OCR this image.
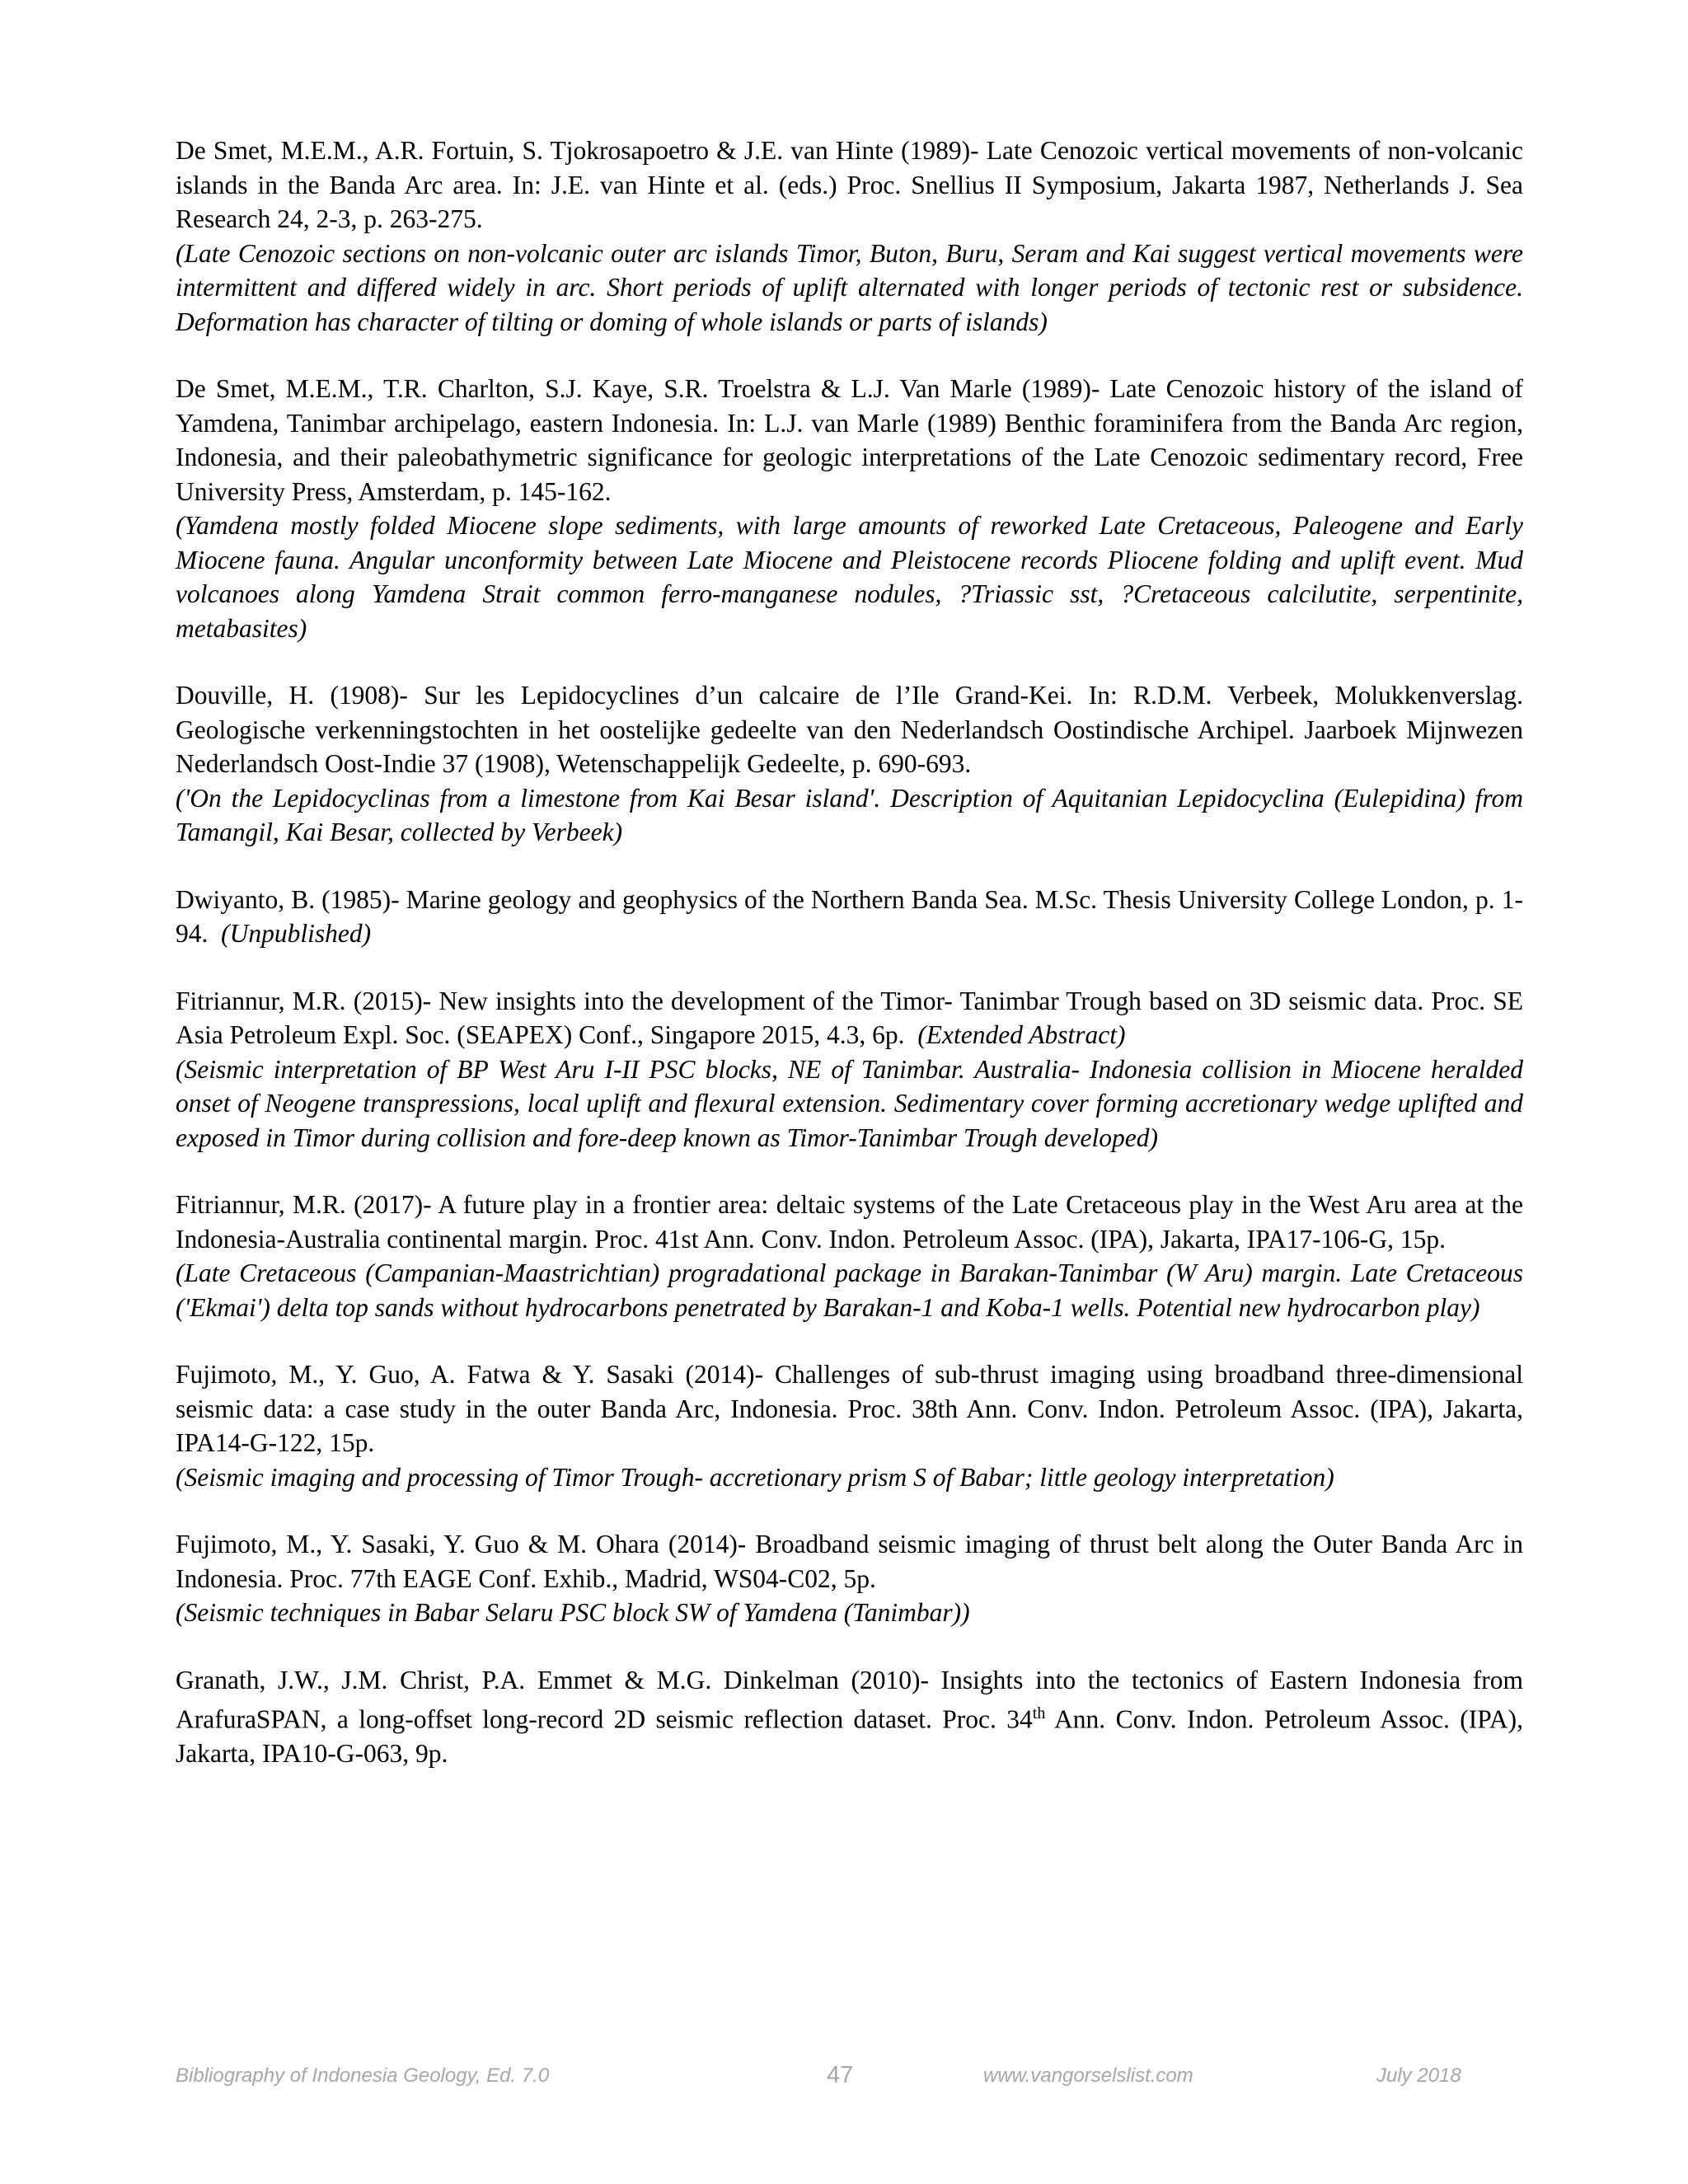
De Smet, M.E.M., A.R. Fortuin, S. Tjokrosapoetro & J.E. van Hinte (1989)- Late Cenozoic vertical movements of non-volcanic islands in the Banda Arc area. In: J.E. van Hinte et al. (eds.) Proc. Snellius II Symposium, Jakarta 1987, Netherlands J. Sea Research 24, 2-3, p. 263-275.

(Late Cenozoic sections on non-volcanic outer arc islands Timor, Buton, Buru, Seram and Kai suggest vertical movements were intermittent and differed widely in arc. Short periods of uplift alternated with longer periods of tectonic rest or subsidence. Deformation has character of tilting or doming of whole islands or parts of islands)

De Smet, M.E.M., T.R. Charlton, S.J. Kaye, S.R. Troelstra & L.J. Van Marle (1989)- Late Cenozoic history of the island of Yamdena, Tanimbar archipelago, eastern Indonesia. In: L.J. van Marle (1989) Benthic foraminifera from the Banda Arc region, Indonesia, and their paleobathymetric significance for geologic interpretations of the Late Cenozoic sedimentary record, Free University Press, Amsterdam, p. 145-162.

(Yamdena mostly folded Miocene slope sediments, with large amounts of reworked Late Cretaceous, Paleogene and Early Miocene fauna. Angular unconformity between Late Miocene and Pleistocene records Pliocene folding and uplift event. Mud volcanoes along Yamdena Strait common ferro-manganese nodules, ?Triassic sst, ?Cretaceous calcilutite, serpentinite, metabasites)

Douville, H. (1908)- Sur les Lepidocyclines d’un calcaire de l’Ile Grand-Kei. In: R.D.M. Verbeek, Molukkenverslag. Geologische verkenningstochten in het oostelijke gedeelte van den Nederlandsch Oostindische Archipel. Jaarboek Mijnwezen Nederlandsch Oost-Indie 37 (1908), Wetenschappelijk Gedeelte, p. 690-693.

('On the Lepidocyclinas from a limestone from Kai Besar island'. Description of Aquitanian Lepidocyclina (Eulepidina) from Tamangil, Kai Besar, collected by Verbeek)

Dwiyanto, B. (1985)- Marine geology and geophysics of the Northern Banda Sea. M.Sc. Thesis University College London, p. 1-94. (Unpublished)

Fitriannur, M.R. (2015)- New insights into the development of the Timor- Tanimbar Trough based on 3D seismic data. Proc. SE Asia Petroleum Expl. Soc. (SEAPEX) Conf., Singapore 2015, 4.3, 6p. (Extended Abstract)

(Seismic interpretation of BP West Aru I-II PSC blocks, NE of Tanimbar. Australia- Indonesia collision in Miocene heralded onset of Neogene transpressions, local uplift and flexural extension. Sedimentary cover forming accretionary wedge uplifted and exposed in Timor during collision and fore-deep known as Timor-Tanimbar Trough developed)

Fitriannur, M.R. (2017)- A future play in a frontier area: deltaic systems of the Late Cretaceous play in the West Aru area at the Indonesia-Australia continental margin. Proc. 41st Ann. Conv. Indon. Petroleum Assoc. (IPA), Jakarta, IPA17-106-G, 15p.

(Late Cretaceous (Campanian-Maastrichtian) progradational package in Barakan-Tanimbar (W Aru) margin. Late Cretaceous ('Ekmai') delta top sands without hydrocarbons penetrated by Barakan-1 and Koba-1 wells. Potential new hydrocarbon play)

Fujimoto, M., Y. Guo, A. Fatwa & Y. Sasaki (2014)- Challenges of sub-thrust imaging using broadband three-dimensional seismic data: a case study in the outer Banda Arc, Indonesia. Proc. 38th Ann. Conv. Indon. Petroleum Assoc. (IPA), Jakarta, IPA14-G-122, 15p.

(Seismic imaging and processing of Timor Trough- accretionary prism S of Babar; little geology interpretation)

Fujimoto, M., Y. Sasaki, Y. Guo & M. Ohara (2014)- Broadband seismic imaging of thrust belt along the Outer Banda Arc in Indonesia. Proc. 77th EAGE Conf. Exhib., Madrid, WS04-C02, 5p.

(Seismic techniques in Babar Selaru PSC block SW of Yamdena (Tanimbar))

Granath, J.W., J.M. Christ, P.A. Emmet & M.G. Dinkelman (2010)- Insights into the tectonics of Eastern Indonesia from ArafuraSPAN, a long-offset long-record 2D seismic reflection dataset. Proc. 34th Ann. Conv. Indon. Petroleum Assoc. (IPA), Jakarta, IPA10-G-063, 9p.

Bibliography of Indonesia Geology, Ed. 7.0	47	www.vangorselslist.com	July 2018
